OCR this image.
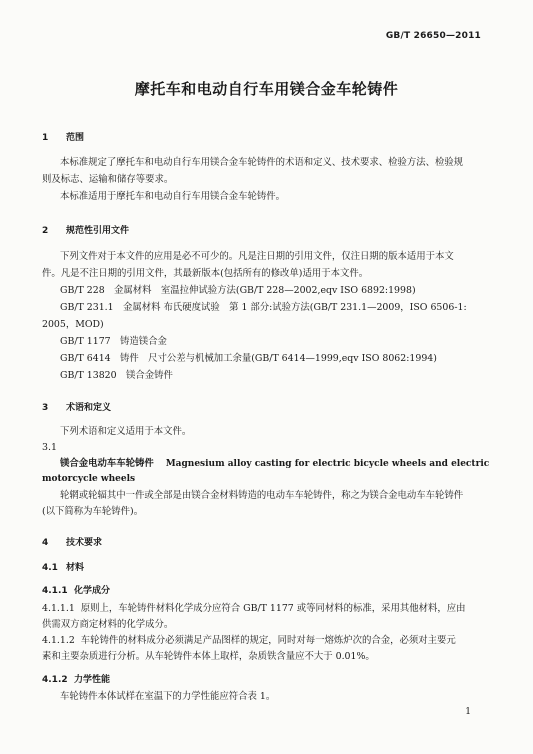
GB/T 26650—2011
摩托车和电动自行车用镁合金车轮铸件
1 范围
本标准规定了摩托车和电动自行车用镁合金车轮铸件的术语和定义、技术要求、检验方法、检验规
则及标志、运输和储存等要求。
本标准适用于摩托车和电动自行车用镁合金车轮铸件。
2 规范性引用文件
下列文件对于本文件的应用是必不可少的。凡是注日期的引用文件，仅注日期的版本适用于本文
件。凡是不注日期的引用文件，其最新版本(包括所有的修改单)适用于本文件。
GB/T 228　金属材料　室温拉伸试验方法(GB/T 228—2002,eqv ISO 6892:1998)
GB/T 231.1　金属材料 布氏硬度试验　第 1 部分:试验方法(GB/T 231.1—2009，ISO 6506-1:
2005，MOD)
GB/T 1177　铸造镁合金
GB/T 6414　铸件　尺寸公差与机械加工余量(GB/T 6414—1999,eqv ISO 8062:1994)
GB/T 13820　镁合金铸件
3 术语和定义
下列术语和定义适用于本文件。
3.1
镁合金电动车车轮铸件 Magnesium alloy casting for electric bicycle wheels and electric
motorcycle wheels
轮辋或轮辐其中一件或全部是由镁合金材料铸造的电动车车轮铸件，称之为镁合金电动车车轮铸件
(以下简称为车轮铸件)。
4 技术要求
4.1 材料
4.1.1 化学成分
4.1.1.1 原则上，车轮铸件材料化学成分应符合 GB/T 1177 或等同材料的标准，采用其他材料，应由
供需双方商定材料的化学成分。
4.1.1.2 车轮铸件的材料成分必须满足产品图样的规定，同时对每一熔炼炉次的合金，必须对主要元
素和主要杂质进行分析。从车轮铸件本体上取样，杂质铁含量应不大于 0.01%。
4.1.2 力学性能
车轮铸件本体试样在室温下的力学性能应符合表 1。
1
